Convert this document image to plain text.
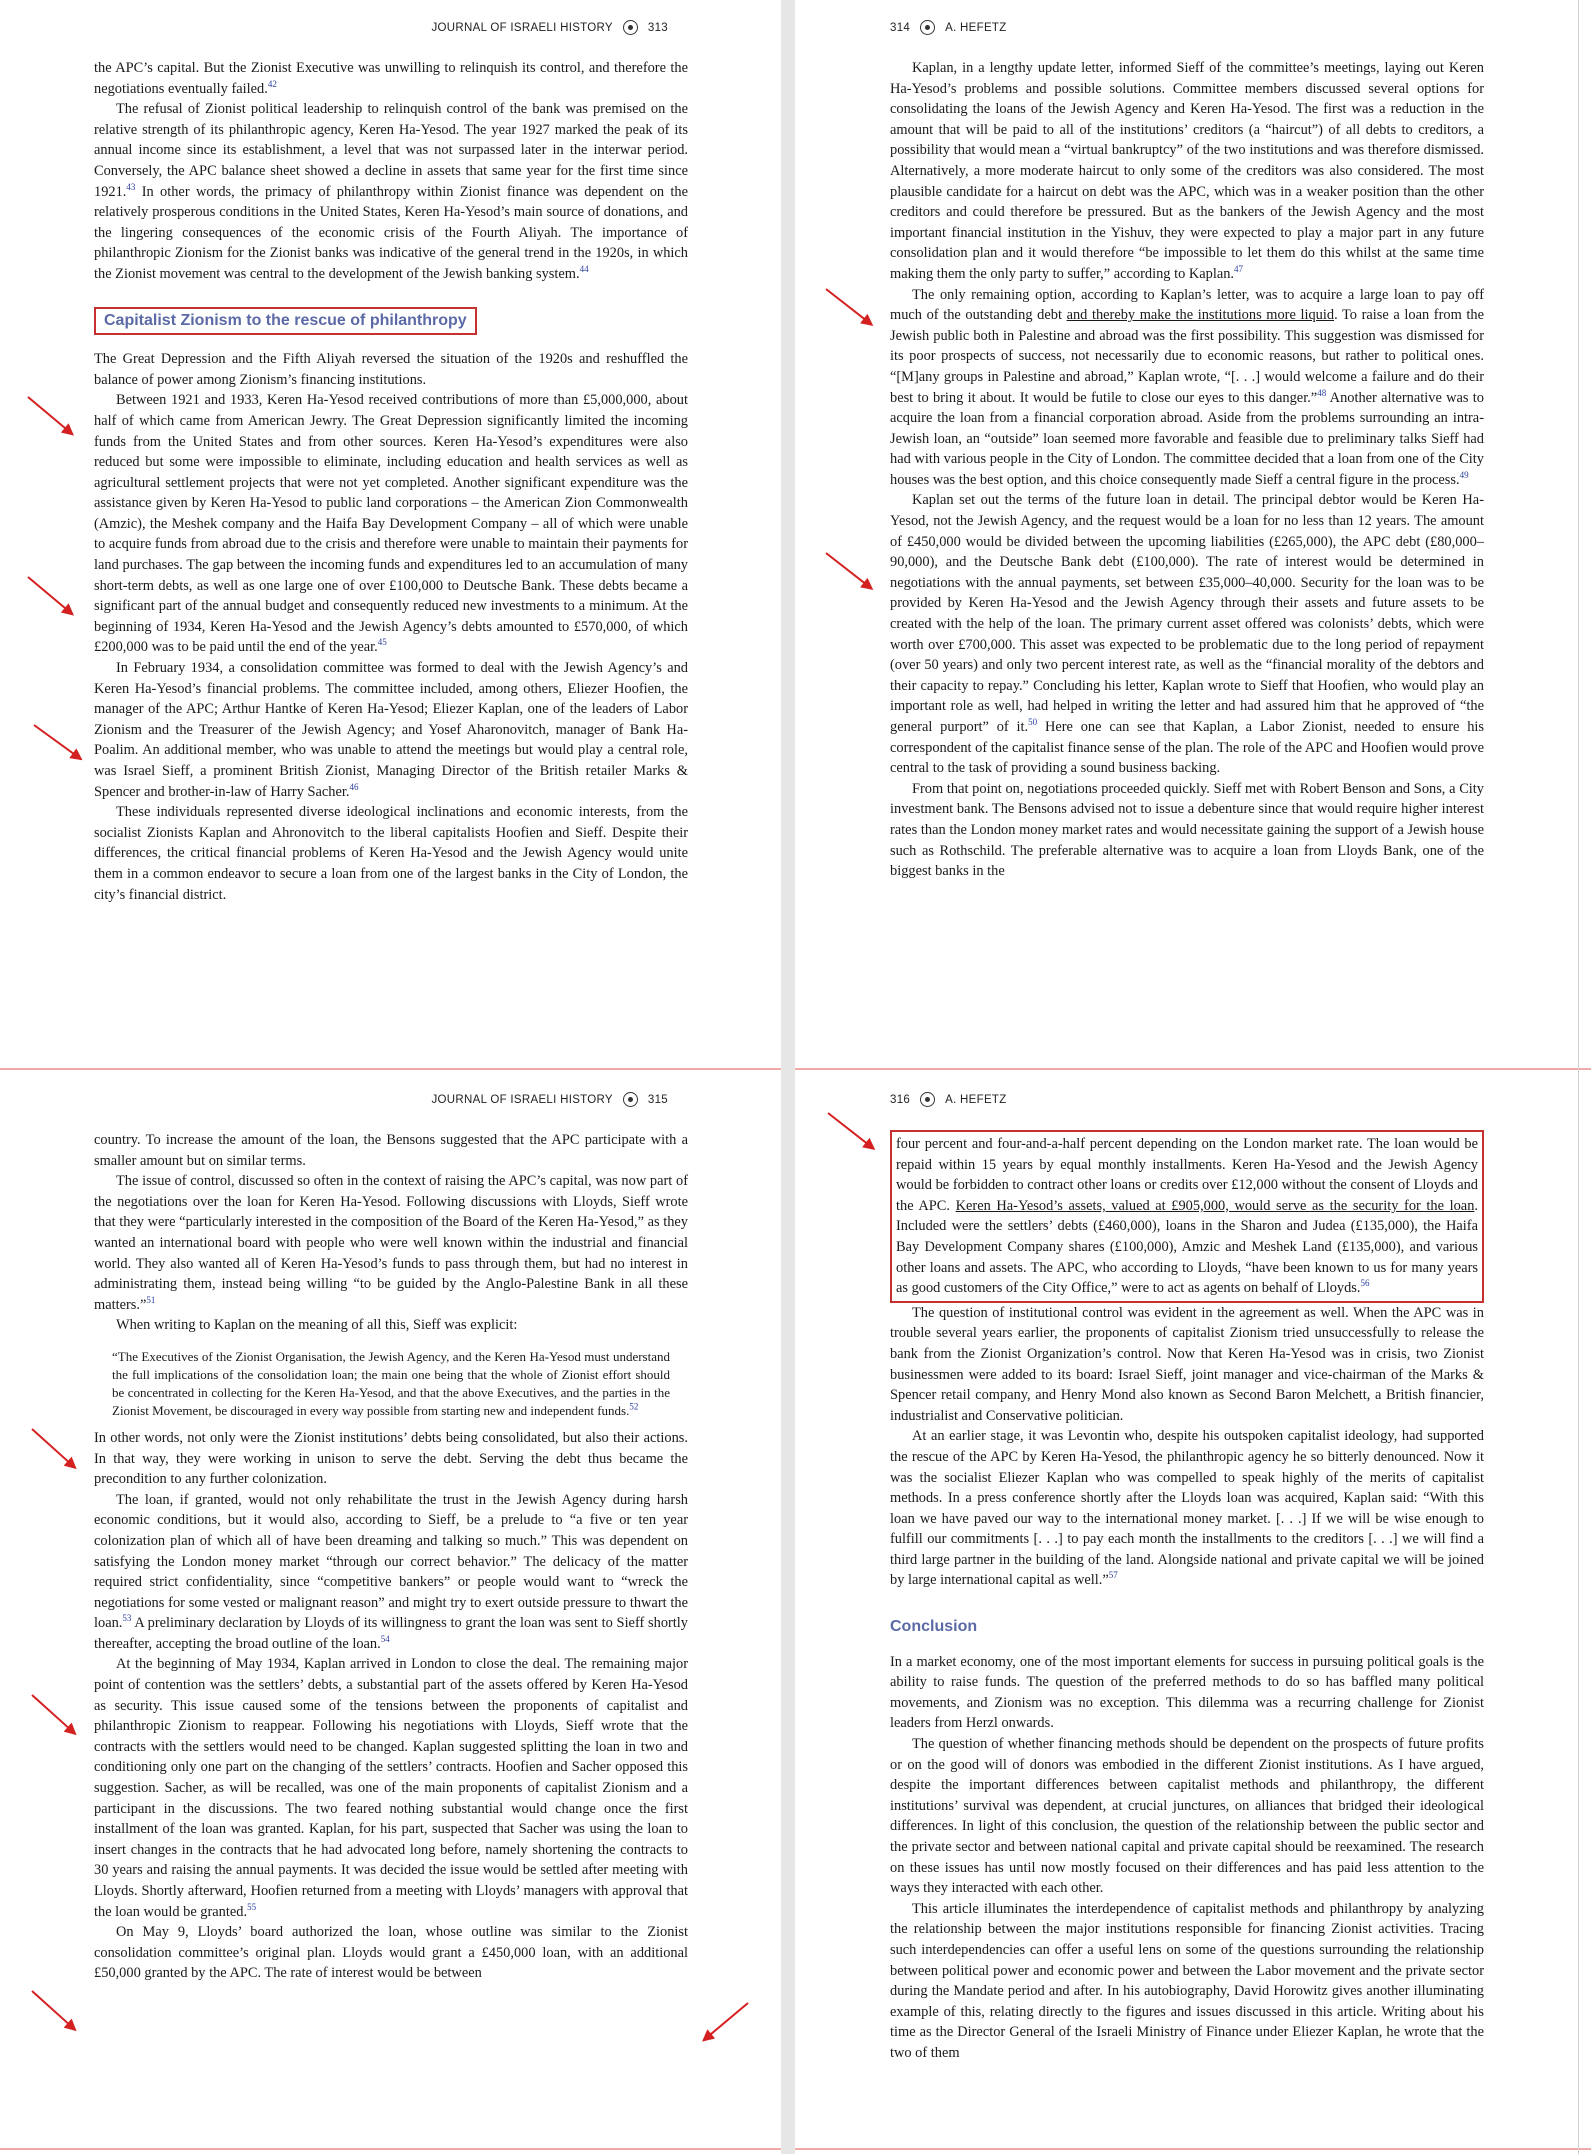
JOURNAL OF ISRAELI HISTORY	313

the APC’s capital. But the Zionist Executive was unwilling to relinquish its control, and therefore the negotiations eventually failed.$^{42}$

The refusal of Zionist political leadership to relinquish control of the bank was premised on the relative strength of its philanthropic agency, Keren Ha-Yesod. The year 1927 marked the peak of its annual income since its establishment, a level that was not surpassed later in the interwar period. Conversely, the APC balance sheet showed a decline in assets that same year for the first time since 1921.43 In other words, the primacy of philanthropy within Zionist finance was dependent on the relatively prosperous conditions in the United States, Keren Ha-Yesod’s main source of donations, and the lingering consequences of the economic crisis of the Fourth Aliyah. The importance of philanthropic Zionism for the Zionist banks was indicative of the general trend in the 1920s, in which the Zionist movement was central to the development of the Jewish banking system.$^{44}$

Capitalist Zionism to the rescue of philanthropy

The Great Depression and the Fifth Aliyah reversed the situation of the 1920s and reshuffled the balance of power among Zionism’s financing institutions.

Between 1921 and 1933, Keren Ha-Yesod received contributions of more than £5,000,000, about half of which came from American Jewry. The Great Depression significantly limited the incoming funds from the United States and from other sources. Keren Ha-Yesod’s expenditures were also reduced but some were impossible to eliminate, including education and health services as well as agricultural settlement projects that were not yet completed. Another significant expenditure was the assistance given by Keren Ha-Yesod to public land corporations – the American Zion Commonwealth (Amzic), the Meshek company and the Haifa Bay Development Company – all of which were unable to acquire funds from abroad due to the crisis and therefore were unable to maintain their payments for land purchases. The gap between the incoming funds and expenditures led to an accumulation of many short-term debts, as well as one large one of over £100,000 to Deutsche Bank. These debts became a significant part of the annual budget and consequently reduced new investments to a minimum. At the beginning of 1934, Keren Ha-Yesod and the Jewish Agency’s debts amounted to £570,000, of which £200,000 was to be paid until the end of the year.$^{45}$

In February 1934, a consolidation committee was formed to deal with the Jewish Agency’s and Keren Ha-Yesod’s financial problems. The committee included, among others, Eliezer Hoofien, the manager of the APC; Arthur Hantke of Keren Ha-Yesod; Eliezer Kaplan, one of the leaders of Labor Zionism and the Treasurer of the Jewish Agency; and Yosef Aharonovitch, manager of Bank Ha-Poalim. An additional member, who was unable to attend the meetings but would play a central role, was Israel Sieff, a prominent British Zionist, Managing Director of the British retailer Marks & Spencer and brother-in-law of Harry Sacher.$^{46}$

These individuals represented diverse ideological inclinations and economic interests, from the socialist Zionists Kaplan and Ahronovitch to the liberal capitalists Hoofien and Sieff. Despite their differences, the critical financial problems of Keren Ha-Yesod and the Jewish Agency would unite them in a common endeavor to secure a loan from one of the largest banks in the City of London, the city’s financial district.

314	A. HEFETZ

Kaplan, in a lengthy update letter, informed Sieff of the committee’s meetings, laying out Keren Ha-Yesod’s problems and possible solutions. Committee members discussed several options for consolidating the loans of the Jewish Agency and Keren Ha-Yesod. The first was a reduction in the amount that will be paid to all of the institutions’ creditors (a “haircut”) of all debts to creditors, a possibility that would mean a “virtual bankruptcy” of the two institutions and was therefore dismissed. Alternatively, a more moderate haircut to only some of the creditors was also considered. The most plausible candidate for a haircut on debt was the APC, which was in a weaker position than the other creditors and could therefore be pressured. But as the bankers of the Jewish Agency and the most important financial institution in the Yishuv, they were expected to play a major part in any future consolidation plan and it would therefore “be impossible to let them do this whilst at the same time making them the only party to suffer,” according to Kaplan.$^{47}$

The only remaining option, according to Kaplan’s letter, was to acquire a large loan to pay off much of the outstanding debt and thereby make the institutions more liquid. To raise a loan from the Jewish public both in Palestine and abroad was the first possibility. This suggestion was dismissed for its poor prospects of success, not necessarily due to economic reasons, but rather to political ones. “[M]any groups in Palestine and abroad,” Kaplan wrote, “[. . .] would welcome a failure and do their best to bring it about. It would be futile to close our eyes to this danger.”$^{48}$ Another alternative was to acquire the loan from a financial corporation abroad. Aside from the problems surrounding an intra-Jewish loan, an “outside” loan seemed more favorable and feasible due to preliminary talks Sieff had had with various people in the City of London. The committee decided that a loan from one of the City houses was the best option, and this choice consequently made Sieff a central figure in the process.$^{49}$

Kaplan set out the terms of the future loan in detail. The principal debtor would be Keren Ha-Yesod, not the Jewish Agency, and the request would be a loan for no less than 12 years. The amount of £450,000 would be divided between the upcoming liabilities (£265,000), the APC debt (£80,000–90,000), and the Deutsche Bank debt (£100,000). The rate of interest would be determined in negotiations with the annual payments, set between £35,000–40,000. Security for the loan was to be provided by Keren Ha-Yesod and the Jewish Agency through their assets and future assets to be created with the help of the loan. The primary current asset offered was colonists’ debts, which were worth over £700,000. This asset was expected to be problematic due to the long period of repayment (over 50 years) and only two percent interest rate, as well as the “financial morality of the debtors and their capacity to repay.” Concluding his letter, Kaplan wrote to Sieff that Hoofien, who would play an important role as well, had helped in writing the letter and had assured him that he approved of “the general purport” of it.$^{50}$ Here one can see that Kaplan, a Labor Zionist, needed to ensure his correspondent of the capitalist finance sense of the plan. The role of the APC and Hoofien would prove central to the task of providing a sound business backing.

From that point on, negotiations proceeded quickly. Sieff met with Robert Benson and Sons, a City investment bank. The Bensons advised not to issue a debenture since that would require higher interest rates than the London money market rates and would necessitate gaining the support of a Jewish house such as Rothschild. The preferable alternative was to acquire a loan from Lloyds Bank, one of the biggest banks in the

JOURNAL OF ISRAELI HISTORY	315

country. To increase the amount of the loan, the Bensons suggested that the APC participate with a smaller amount but on similar terms.

The issue of control, discussed so often in the context of raising the APC’s capital, was now part of the negotiations over the loan for Keren Ha-Yesod. Following discussions with Lloyds, Sieff wrote that they were “particularly interested in the composition of the Board of the Keren Ha-Yesod,” as they wanted an international board with people who were well known within the industrial and financial world. They also wanted all of Keren Ha-Yesod’s funds to pass through them, but had no interest in administrating them, instead being willing “to be guided by the Anglo-Palestine Bank in all these matters.”$^{51}$

When writing to Kaplan on the meaning of all this, Sieff was explicit:

“The Executives of the Zionist Organisation, the Jewish Agency, and the Keren Ha-Yesod must understand the full implications of the consolidation loan; the main one being that the whole of Zionist effort should be concentrated in collecting for the Keren Ha-Yesod, and that the above Executives, and the parties in the Zionist Movement, be discouraged in every way possible from starting new and independent funds.$^{52}$

In other words, not only were the Zionist institutions’ debts being consolidated, but also their actions. In that way, they were working in unison to serve the debt. Serving the debt thus became the precondition to any further colonization.

The loan, if granted, would not only rehabilitate the trust in the Jewish Agency during harsh economic conditions, but it would also, according to Sieff, be a prelude to “a five or ten year colonization plan of which all of have been dreaming and talking so much.” This was dependent on satisfying the London money market “through our correct behavior.” The delicacy of the matter required strict confidentiality, since “competitive bankers” or people would want to “wreck the negotiations for some vested or malignant reason” and might try to exert outside pressure to thwart the loan.$^{53}$ A preliminary declaration by Lloyds of its willingness to grant the loan was sent to Sieff shortly thereafter, accepting the broad outline of the loan.$^{54}$

At the beginning of May 1934, Kaplan arrived in London to close the deal. The remaining major point of contention was the settlers’ debts, a substantial part of the assets offered by Keren Ha-Yesod as security. This issue caused some of the tensions between the proponents of capitalist and philanthropic Zionism to reappear. Following his negotiations with Lloyds, Sieff wrote that the contracts with the settlers would need to be changed. Kaplan suggested splitting the loan in two and conditioning only one part on the changing of the settlers’ contracts. Hoofien and Sacher opposed this suggestion. Sacher, as will be recalled, was one of the main proponents of capitalist Zionism and a participant in the discussions. The two feared nothing substantial would change once the first installment of the loan was granted. Kaplan, for his part, suspected that Sacher was using the loan to insert changes in the contracts that he had advocated long before, namely shortening the contracts to 30 years and raising the annual payments. It was decided the issue would be settled after meeting with Lloyds. Shortly afterward, Hoofien returned from a meeting with Lloyds’ managers with approval that the loan would be granted.$^{55}$

On May 9, Lloyds’ board authorized the loan, whose outline was similar to the Zionist consolidation committee’s original plan. Lloyds would grant a £450,000 loan, with an additional £50,000 granted by the APC. The rate of interest would be between

316	A. HEFETZ

four percent and four-and-a-half percent depending on the London market rate. The loan would be repaid within 15 years by equal monthly installments. Keren Ha-Yesod and the Jewish Agency would be forbidden to contract other loans or credits over £12,000 without the consent of Lloyds and the APC. Keren Ha-Yesod’s assets, valued at £905,000, would serve as the security for the loan. Included were the settlers’ debts (£460,000), loans in the Sharon and Judea (£135,000), the Haifa Bay Development Company shares (£100,000), Amzic and Meshek Land (£135,000), and various other loans and assets. The APC, who according to Lloyds, “have been known to us for many years as good customers of the City Office,” were to act as agents on behalf of Lloyds.$^{56}$

The question of institutional control was evident in the agreement as well. When the APC was in trouble several years earlier, the proponents of capitalist Zionism tried unsuccessfully to release the bank from the Zionist Organization’s control. Now that Keren Ha-Yesod was in crisis, two Zionist businessmen were added to its board: Israel Sieff, joint manager and vice-chairman of the Marks & Spencer retail company, and Henry Mond also known as Second Baron Melchett, a British financier, industrialist and Conservative politician.

At an earlier stage, it was Levontin who, despite his outspoken capitalist ideology, had supported the rescue of the APC by Keren Ha-Yesod, the philanthropic agency he so bitterly denounced. Now it was the socialist Eliezer Kaplan who was compelled to speak highly of the merits of capitalist methods. In a press conference shortly after the Lloyds loan was acquired, Kaplan said: “With this loan we have paved our way to the international money market. [. . .] If we will be wise enough to fulfill our commitments [. . .] to pay each month the installments to the creditors [. . .] we will find a third large partner in the building of the land. Alongside national and private capital we will be joined by large international capital as well.”$^{57}$

Conclusion

In a market economy, one of the most important elements for success in pursuing political goals is the ability to raise funds. The question of the preferred methods to do so has baffled many political movements, and Zionism was no exception. This dilemma was a recurring challenge for Zionist leaders from Herzl onwards.

The question of whether financing methods should be dependent on the prospects of future profits or on the good will of donors was embodied in the different Zionist institutions. As I have argued, despite the important differences between capitalist methods and philanthropy, the different institutions’ survival was dependent, at crucial junctures, on alliances that bridged their ideological differences. In light of this conclusion, the question of the relationship between the public sector and the private sector and between national capital and private capital should be reexamined. The research on these issues has until now mostly focused on their differences and has paid less attention to the ways they interacted with each other.

This article illuminates the interdependence of capitalist methods and philanthropy by analyzing the relationship between the major institutions responsible for financing Zionist activities. Tracing such interdependencies can offer a useful lens on some of the questions surrounding the relationship between political power and economic power and between the Labor movement and the private sector during the Mandate period and after. In his autobiography, David Horowitz gives another illuminating example of this, relating directly to the figures and issues discussed in this article. Writing about his time as the Director General of the Israeli Ministry of Finance under Eliezer Kaplan, he wrote that the two of them
